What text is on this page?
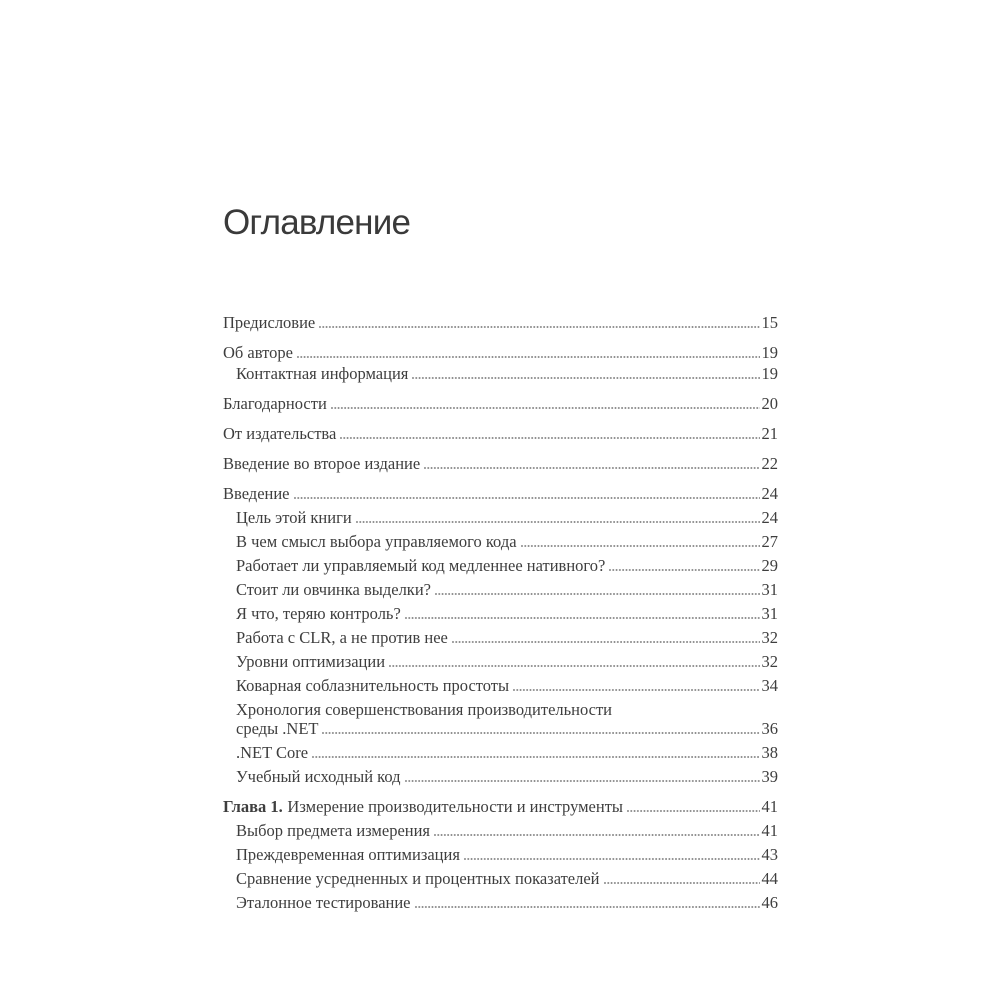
Оглавление
Предисловие	15
Об авторе	19
Контактная информация	19
Благодарности	20
От издательства	21
Введение во второе издание	22
Введение	24
Цель этой книги	24
В чем смысл выбора управляемого кода	27
Работает ли управляемый код медленнее нативного?	29
Стоит ли овчинка выделки?	31
Я что, теряю контроль?	31
Работа с CLR, а не против нее	32
Уровни оптимизации	32
Коварная соблазнительность простоты	34
Хронология совершенствования производительности
среды .NET	36
.NET Core	38
Учебный исходный код	39
Глава 1. Измерение производительности и инструменты	41
Выбор предмета измерения	41
Преждевременная оптимизация	43
Сравнение усредненных и процентных показателей	44
Эталонное тестирование	46
